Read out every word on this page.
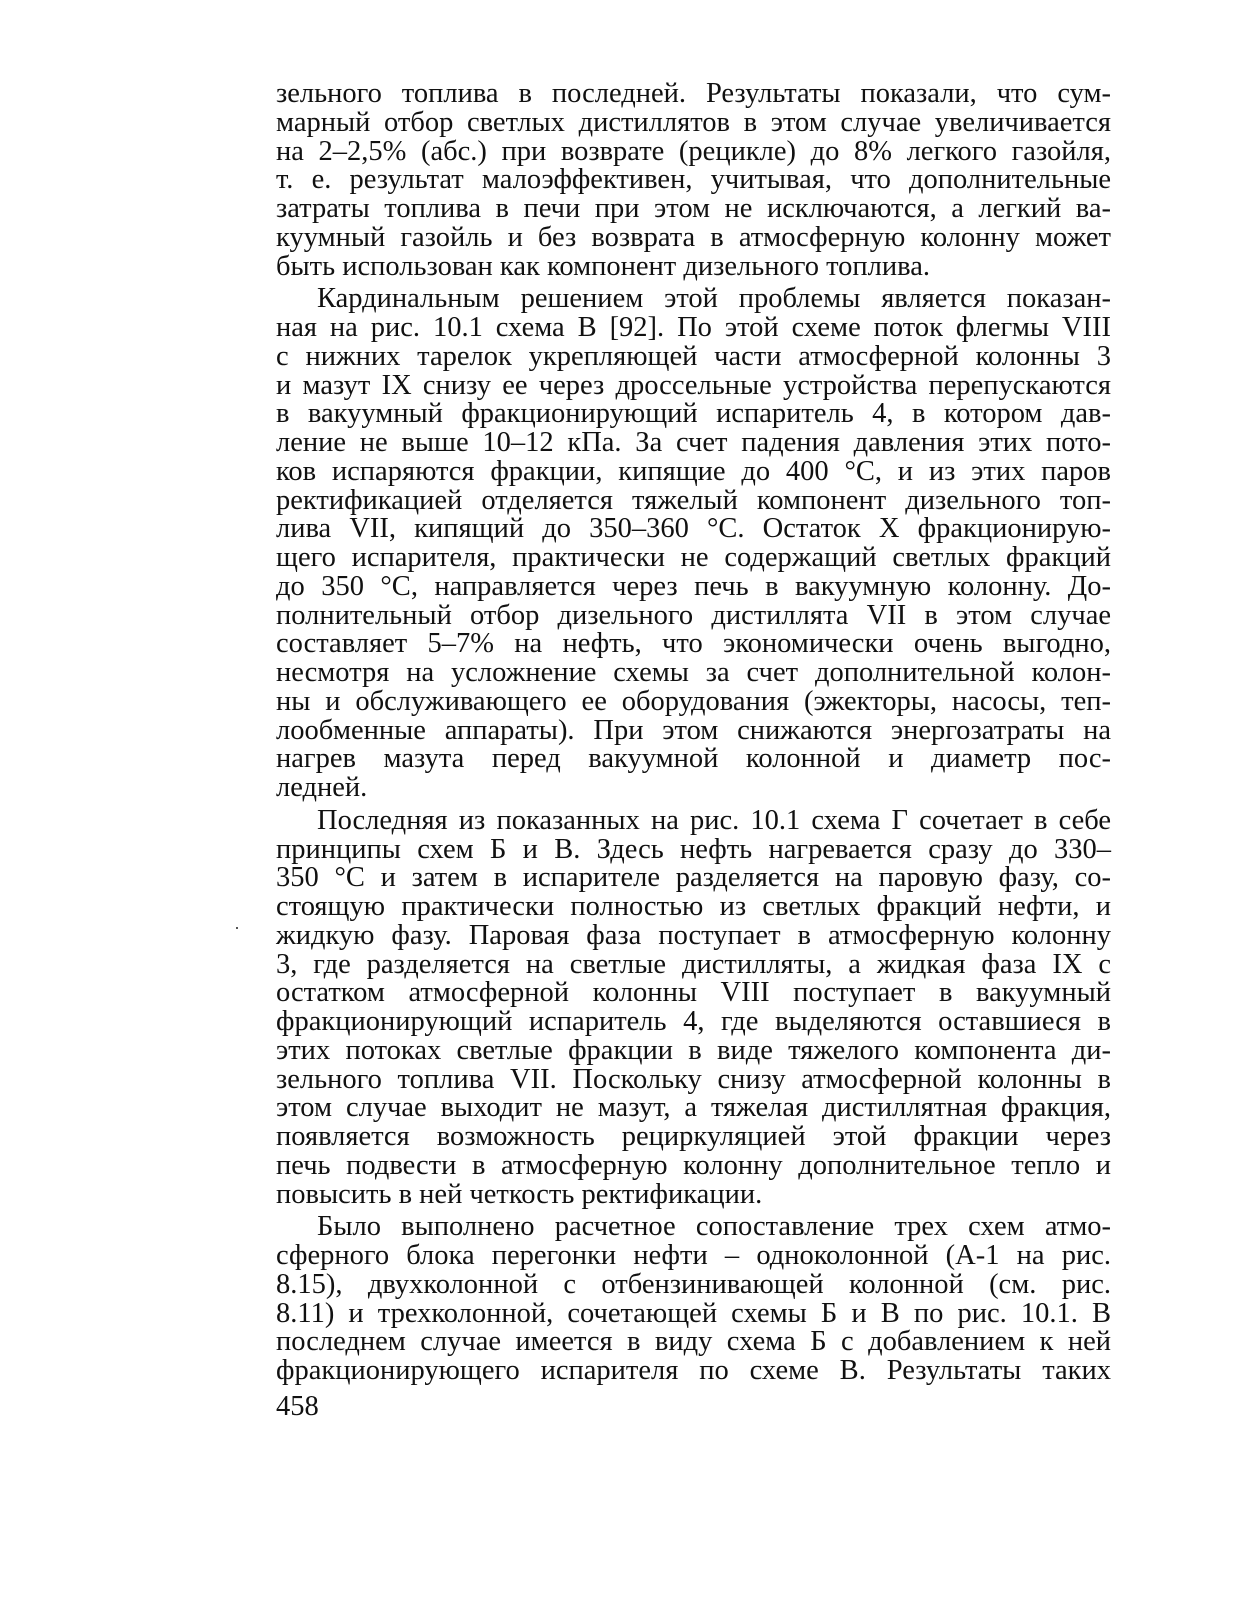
зельного топлива в последней. Результаты показали, что сум-
марный отбор светлых дистиллятов в этом случае увеличивается
на 2–2,5% (абс.) при возврате (рецикле) до 8% легкого газойля,
т. е. результат малоэффективен, учитывая, что дополнительные
затраты топлива в печи при этом не исключаются, а легкий ва-
куумный газойль и без возврата в атмосферную колонну может
быть использован как компонент дизельного топлива.
Кардинальным решением этой проблемы является показан-
ная на рис. 10.1 схема В [92]. По этой схеме поток флегмы VIII
с нижних тарелок укрепляющей части атмосферной колонны 3
и мазут IX снизу ее через дроссельные устройства перепускаются
в вакуумный фракционирующий испаритель 4, в котором дав-
ление не выше 10–12 кПа. За счет падения давления этих пото-
ков испаряются фракции, кипящие до 400 °С, и из этих паров
ректификацией отделяется тяжелый компонент дизельного топ-
лива VII, кипящий до 350–360 °С. Остаток X фракционирую-
щего испарителя, практически не содержащий светлых фракций
до 350 °С, направляется через печь в вакуумную колонну. До-
полнительный отбор дизельного дистиллята VII в этом случае
составляет 5–7% на нефть, что экономически очень выгодно,
несмотря на усложнение схемы за счет дополнительной колон-
ны и обслуживающего ее оборудования (эжекторы, насосы, теп-
лообменные аппараты). При этом снижаются энергозатраты на
нагрев мазута перед вакуумной колонной и диаметр пос-
ледней.
Последняя из показанных на рис. 10.1 схема Г сочетает в себе
принципы схем Б и В. Здесь нефть нагревается сразу до 330–
350 °С и затем в испарителе разделяется на паровую фазу, со-
стоящую практически полностью из светлых фракций нефти, и
жидкую фазу. Паровая фаза поступает в атмосферную колонну
3, где разделяется на светлые дистилляты, а жидкая фаза IX с
остатком атмосферной колонны VIII поступает в вакуумный
фракционирующий испаритель 4, где выделяются оставшиеся в
этих потоках светлые фракции в виде тяжелого компонента ди-
зельного топлива VII. Поскольку снизу атмосферной колонны в
этом случае выходит не мазут, а тяжелая дистиллятная фракция,
появляется возможность рециркуляцией этой фракции через
печь подвести в атмосферную колонну дополнительное тепло и
повысить в ней четкость ректификации.
Было выполнено расчетное сопоставление трех схем атмо-
сферного блока перегонки нефти – одноколонной (А-1 на рис.
8.15), двухколонной с отбензинивающей колонной (см. рис.
8.11) и трехколонной, сочетающей схемы Б и В по рис. 10.1. В
последнем случае имеется в виду схема Б с добавлением к ней
фракционирующего испарителя по схеме В. Результаты таких
458
